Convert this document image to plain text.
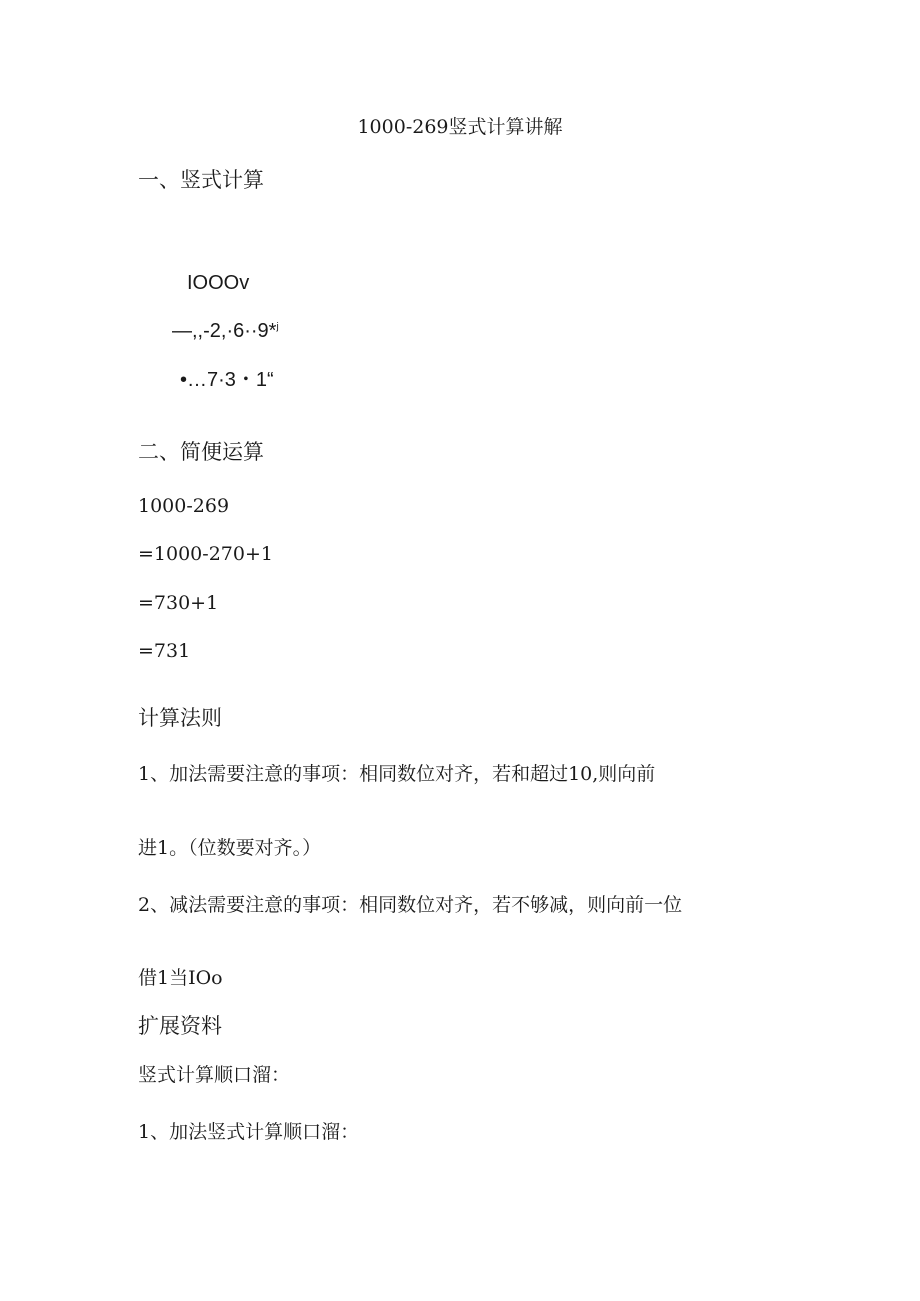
1000-269竖式计算讲解
一、竖式计算
IOOOv
—,,-2,·6··9*$^j$
•…7·3・1“
二、简便运算
1000-269
=1000-270+1
=730+1
=731
计算法则
1、加法需要注意的事项：相同数位对齐，若和超过10,则向前
进1。（位数要对齐。）
2、减法需要注意的事项：相同数位对齐，若不够减，则向前一位
借1当IOo
扩展资料
竖式计算顺口溜：
1、加法竖式计算顺口溜：
